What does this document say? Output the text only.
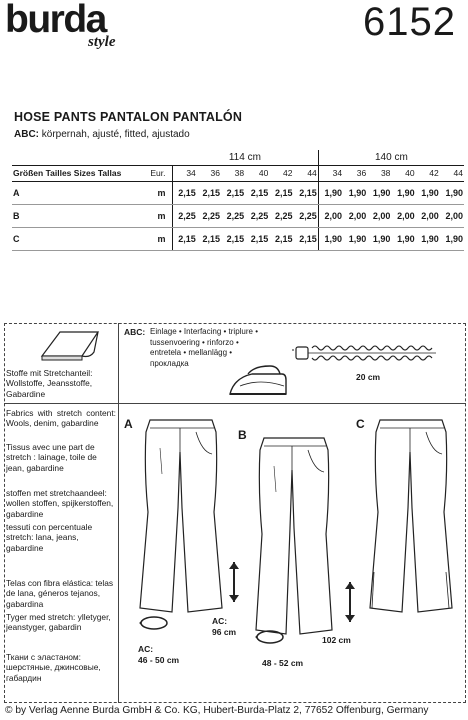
burda
style	6152
HOSE PANTS PANTALON PANTALÓN
ABC: körpernah, ajusté, fitted, ajustado
		114 cm						140 cm					
Größen Tailles Sizes Tallas	Eur.	34	36	38	40	42	44	34	36	38	40	42	44
A	m	2,15	2,15	2,15	2,15	2,15	2,15	1,90	1,90	1,90	1,90	1,90	1,90
B	m	2,25	2,25	2,25	2,25	2,25	2,25	2,00	2,00	2,00	2,00	2,00	2,00
C	m	2,15	2,15	2,15	2,15	2,15	2,15	1,90	1,90	1,90	1,90	1,90	1,90
Stoffe mit Stretchanteil: Wollstoffe, Jeansstoffe, Gabardine
Fabrics with stretch content: Wools, denim, gabardine
Tissus avec une part de stretch : lainage, toile de jean, gabardine
stoffen met stretchaandeel: wollen stoffen, spijkerstoffen, gabardine
tessuti con percentuale stretch: lana, jeans, gabardine
Telas con fibra elástica: telas de lana, géneros tejanos, gabardina
Tyger med stretch: ylletyger, jeanstyger, gabardin
Ткани с эластаном: шерстяные, джинсовые, габардин
ABC: Einlage • Interfacing • triplure •
tussenvoering • rinforzo •
entretela • mellanlägg •
прокладка
20 cm
A
B
C
AC:
46 - 50 cm
AC:
96 cm
48 - 52 cm
102 cm
© by Verlag Aenne Burda GmbH & Co. KG, Hubert-Burda-Platz 2, 77652 Offenburg, Germany
